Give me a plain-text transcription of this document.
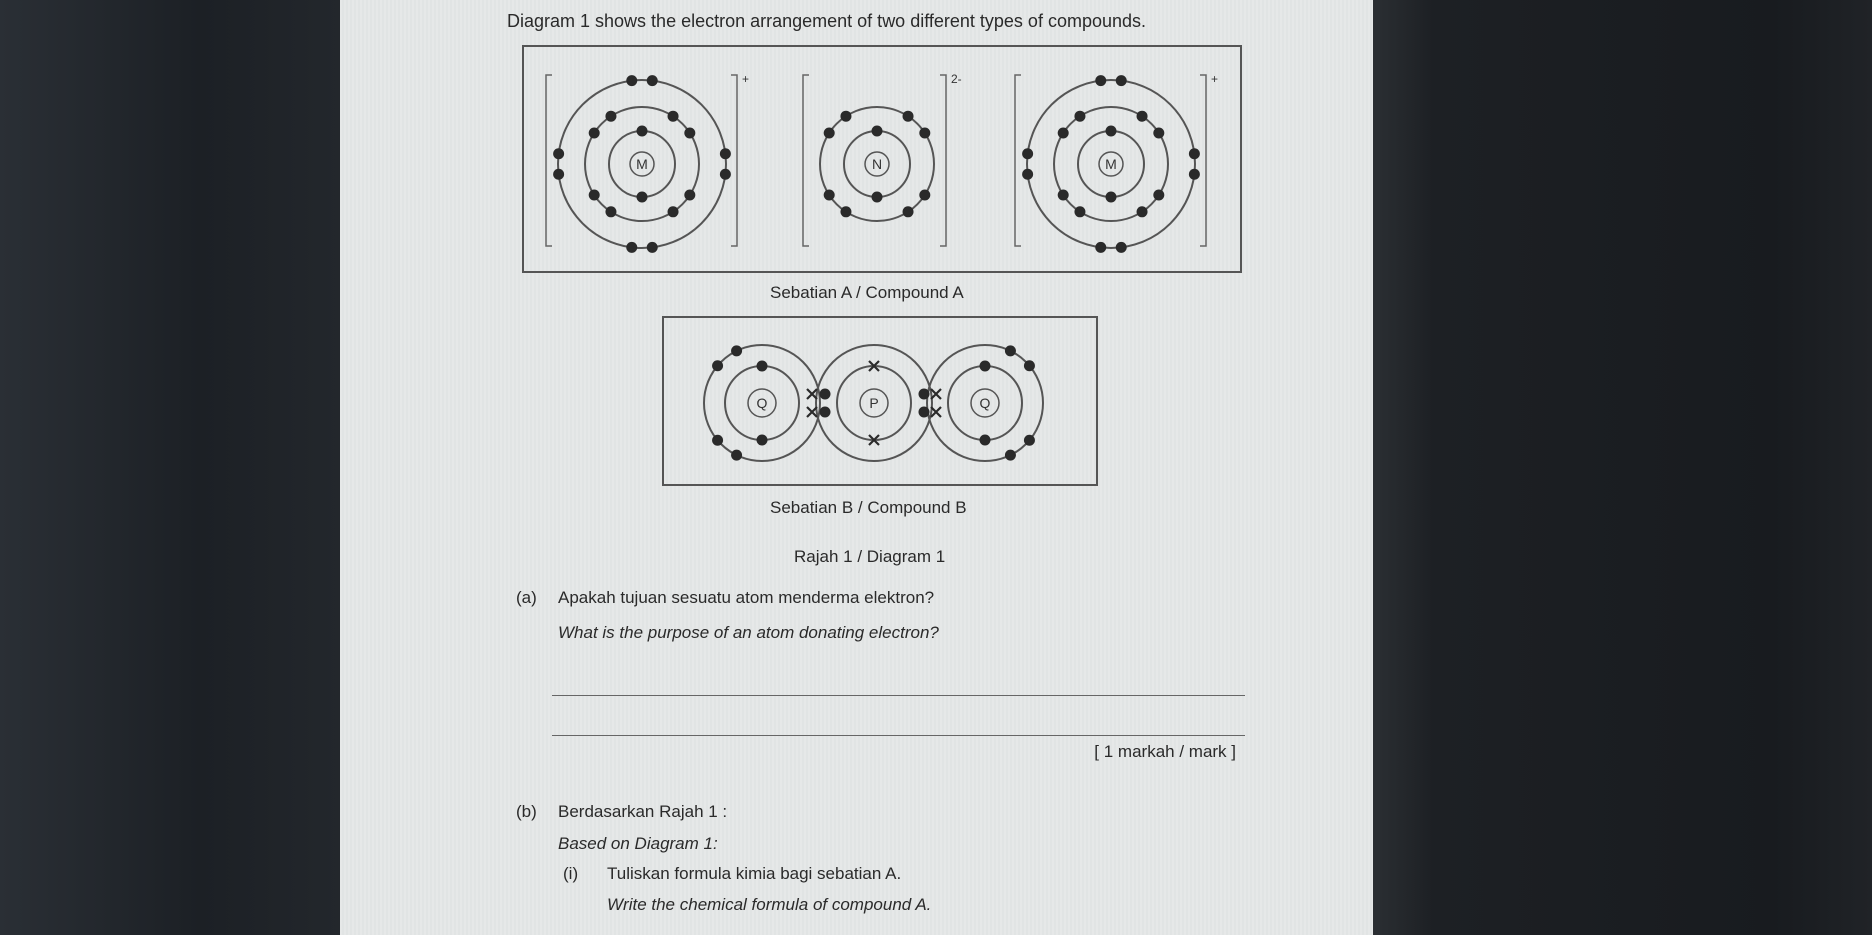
Diagram 1 shows the electron arrangement of two different types of compounds.
M
+
N
2-
M
+
Sebatian A / Compound A
Q	P	Q
Sebatian B / Compound B
Rajah 1 / Diagram 1
(a) Apakah tujuan sesuatu atom menderma elektron?
What is the purpose of an atom donating electron?
[ 1 markah / mark ]
(b) Berdasarkan Rajah 1 :
Based on Diagram 1:
(i) Tuliskan formula kimia bagi sebatian A.
Write the chemical formula of compound A.
